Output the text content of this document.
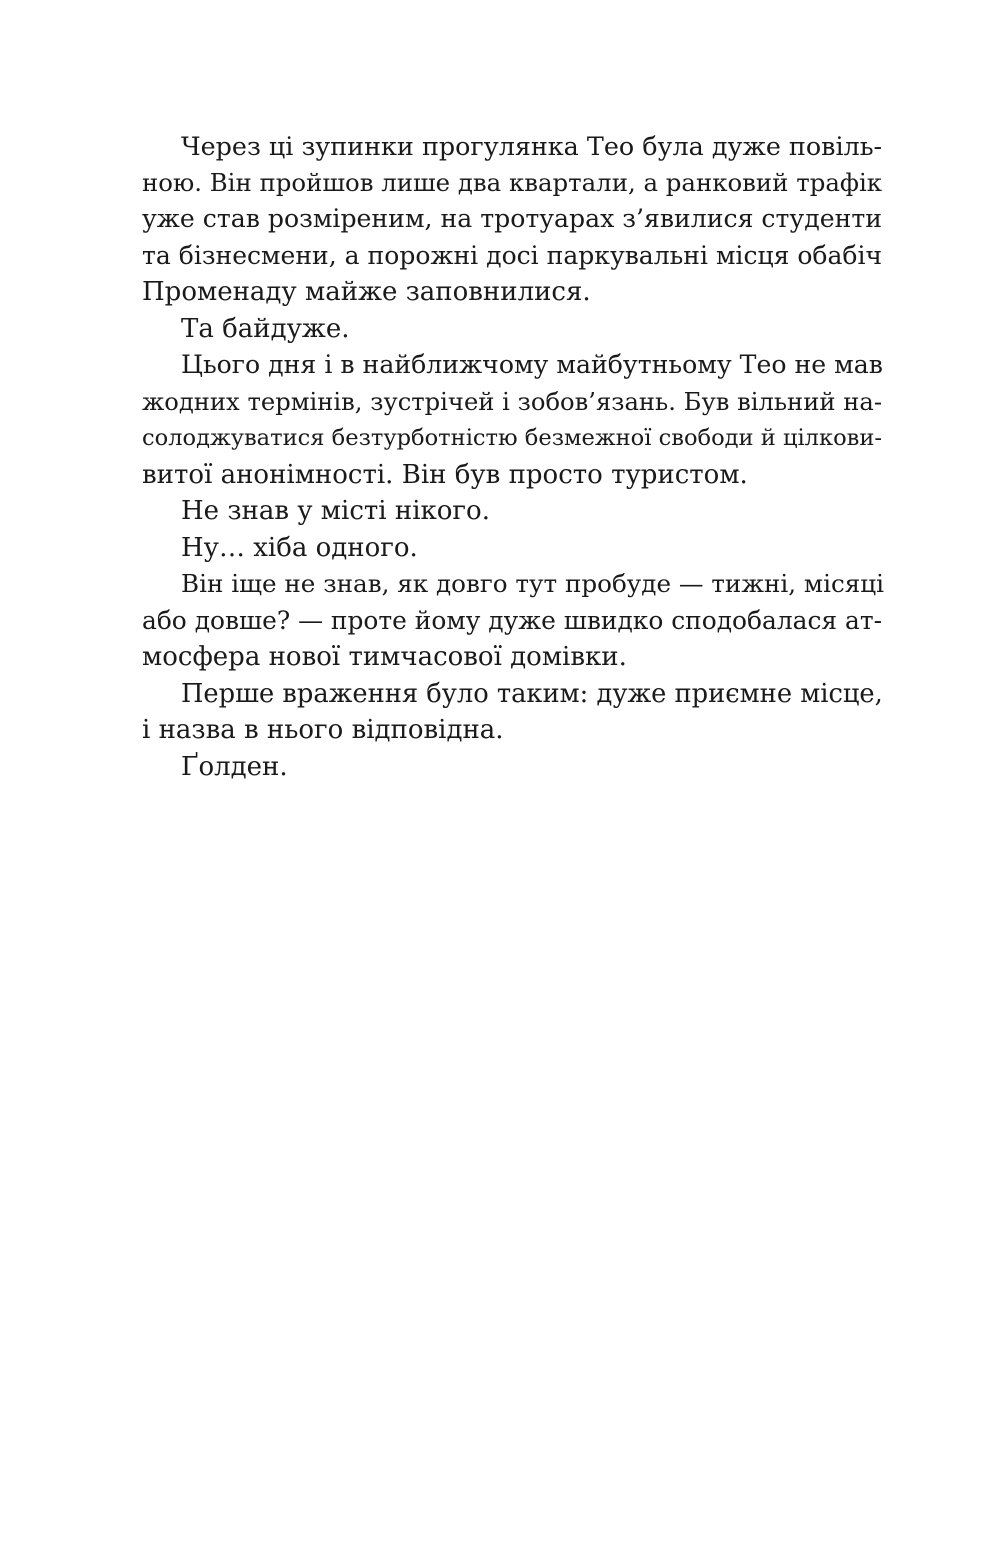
Через ці зупинки прогулянка Тео була дуже повіль-
ною. Він пройшов лише два квартали, а ранковий трафік
уже став розміреним, на тротуарах з’явилися студенти
та бізнесмени, а порожні досі паркувальні місця обабіч
Променаду майже заповнилися.
Та байдуже.
Цього дня і в найближчому майбутньому Тео не мав
жодних термінів, зустрічей і зобов’язань. Був вільний на-
солоджуватися безтурботністю безмежної свободи й цілкови-
витої анонімності. Він був просто туристом.
Не знав у місті нікого.
Ну… хіба одного.
Він іще не знав, як довго тут пробуде — тижні, місяці
або довше? — проте йому дуже швидко сподобалася ат-
мосфера нової тимчасової домівки.
Перше враження було таким: дуже приємне місце,
і назва в нього відповідна.
Ґолден.
